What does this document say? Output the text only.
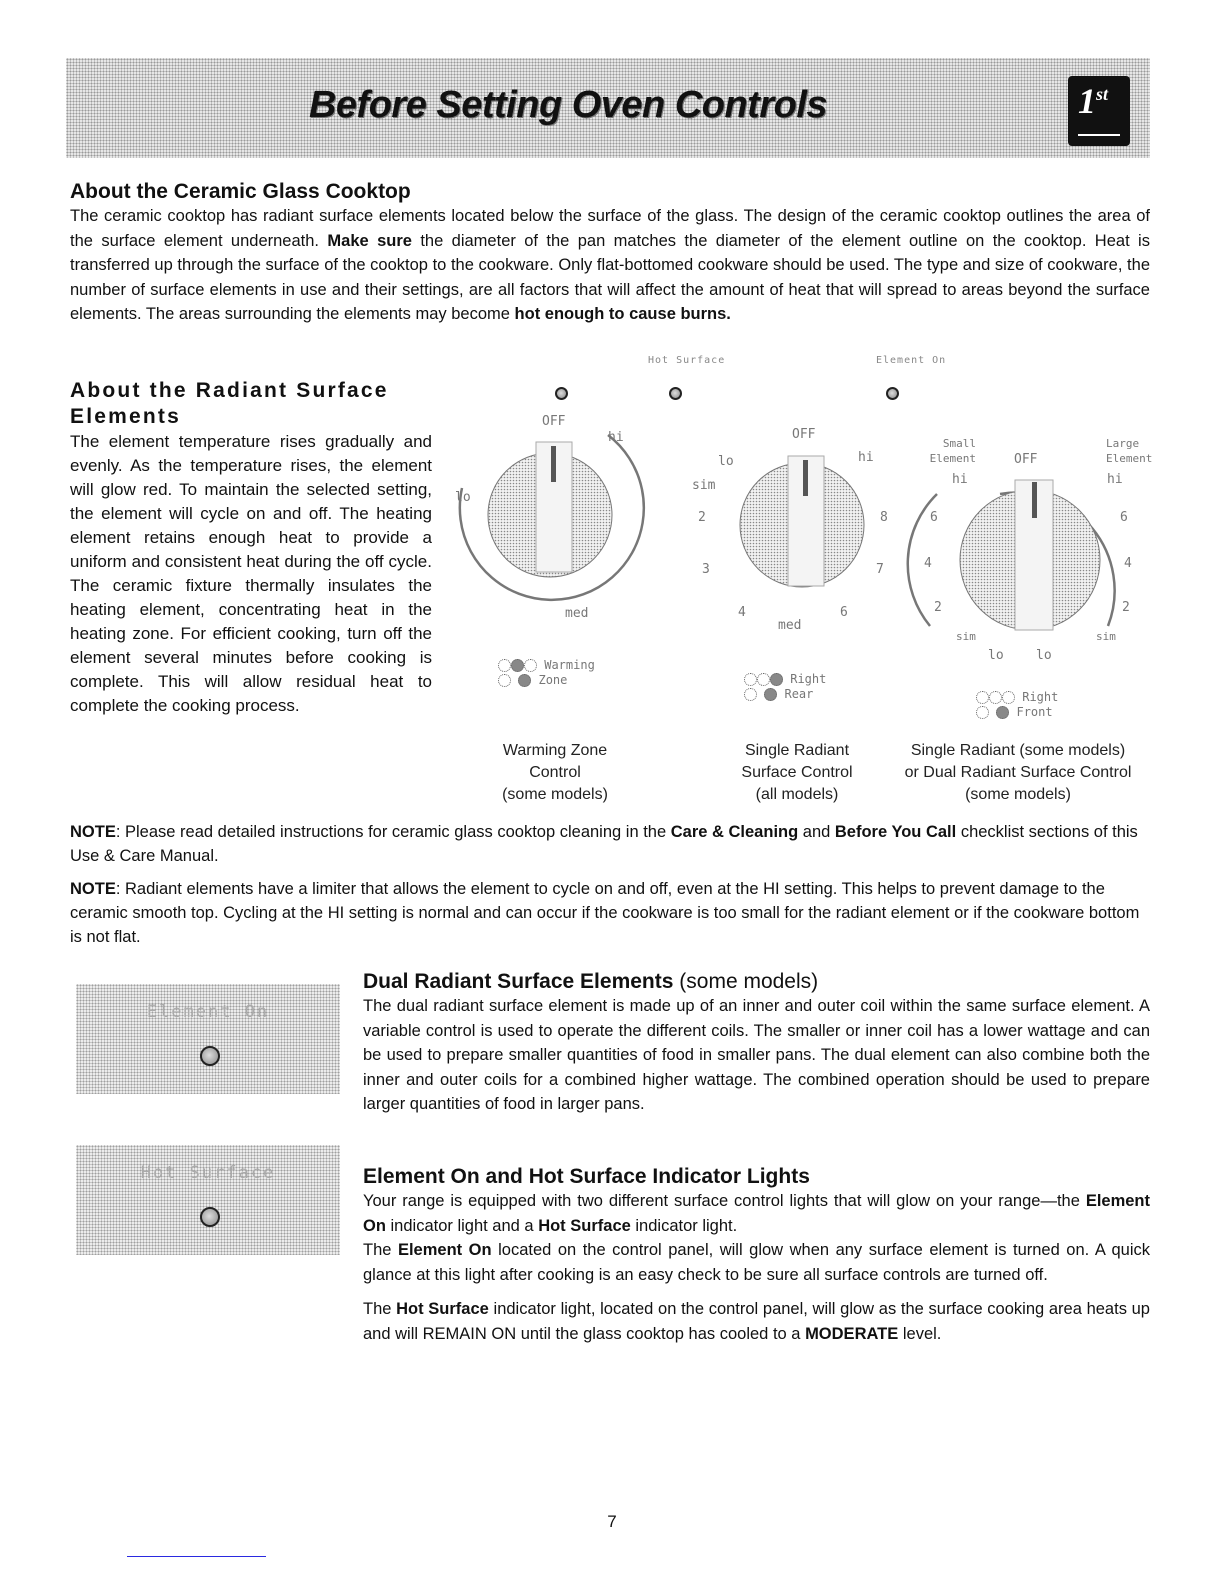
Before Setting Oven Controls	1st
About the Ceramic Glass Cooktop
The ceramic cooktop has radiant surface elements located below the surface of the glass. The design of the ceramic cooktop outlines the area of the surface element underneath. Make sure the diameter of the pan matches the diameter of the element outline on the cooktop. Heat is transferred up through the surface of the cooktop to the cookware. Only flat-bottomed cookware should be used. The type and size of cookware, the number of surface elements in use and their settings, are all factors that will affect the amount of heat that will spread to areas beyond the surface elements. The areas surrounding the elements may become hot enough to cause burns.
About the Radiant Surface Elements
The element temperature rises gradually and evenly. As the temperature rises, the element will glow red. To maintain the selected setting, the element will cycle on and off. The heating element retains enough heat to provide a uniform and consistent heat during the off cycle. The ceramic fixture thermally insulates the heating element, concentrating heat in the heating zone. For efficient cooking, turn off the element several minutes before cooking is complete. This will allow residual heat to complete the cooking process.
Hot Surface	Element On
OFF
hi
lo
med
Warming
Zone
Warming Zone
Control
(some models)
OFF
lo	hi
sim
2
3
4	6
7
8
med
Right
Rear
Single Radiant
Surface Control
(all models)
Small
Element
Large
Element
OFF
hi	hi
6	6
4	4
2	2
sim	sim
lo lo
Right
Front
Single Radiant (some models)
or Dual Radiant Surface Control
(some models)
NOTE: Please read detailed instructions for ceramic glass cooktop cleaning in the Care & Cleaning and Before You Call checklist sections of this Use & Care Manual.
NOTE: Radiant elements have a limiter that allows the element to cycle on and off, even at the HI setting. This helps to prevent damage to the ceramic smooth top. Cycling at the HI setting is normal and can occur if the cookware is too small for the radiant element or if the cookware bottom is not flat.
Element On
Hot Surface
Dual Radiant Surface Elements (some models)
The dual radiant surface element is made up of an inner and outer coil within the same surface element. A variable control is used to operate the different coils. The smaller or inner coil has a lower wattage and can be used to prepare smaller quantities of food in smaller pans. The dual element can also combine both the inner and outer coils for a combined higher wattage. The combined operation should be used to prepare larger quantities of food in larger pans.
Element On and Hot Surface Indicator Lights
Your range is equipped with two different surface control lights that will glow on your range—the Element On indicator light and a Hot Surface indicator light.
The Element On located on the control panel, will glow when any surface element is turned on. A quick glance at this light after cooking is an easy check to be sure all surface controls are turned off.
The Hot Surface indicator light, located on the control panel, will glow as the surface cooking area heats up and will REMAIN ON until the glass cooktop has cooled to a MODERATE level.
7
